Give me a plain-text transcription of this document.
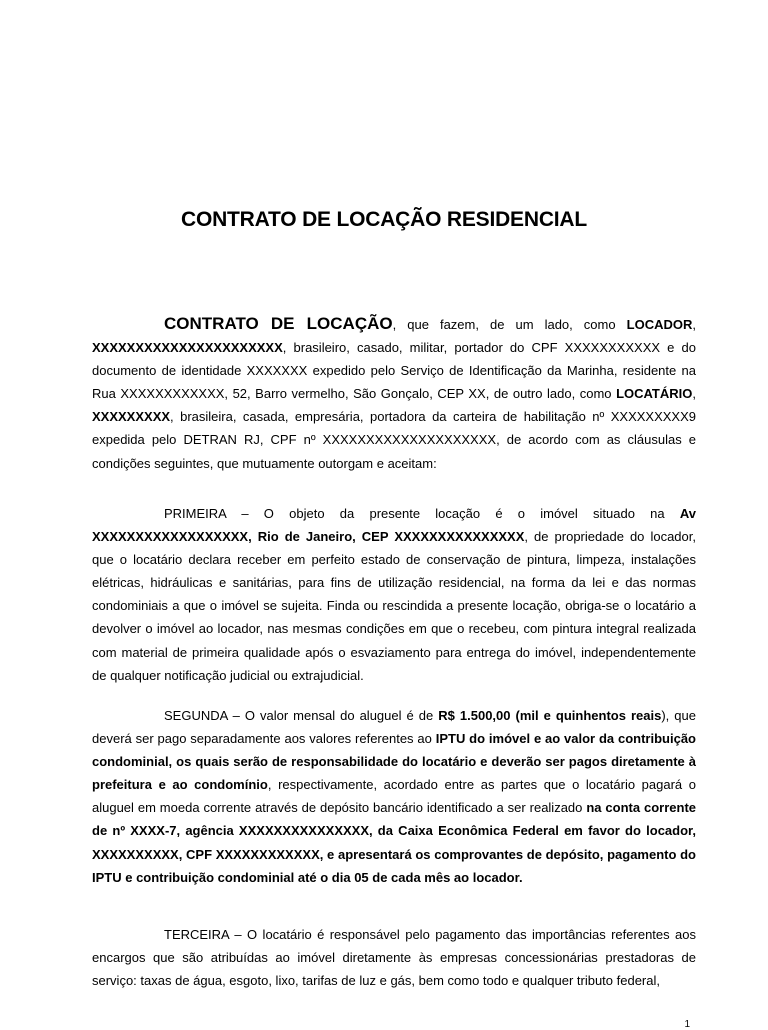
CONTRATO DE LOCAÇÃO RESIDENCIAL

CONTRATO DE LOCAÇÃO, que fazem, de um lado, como LOCADOR, XXXXXXXXXXXXXXXXXXXXXX, brasileiro, casado, militar, portador do CPF XXXXXXXXXXX e do documento de identidade XXXXXXX expedido pelo Serviço de Identificação da Marinha, residente na Rua XXXXXXXXXXXX, 52, Barro vermelho, São Gonçalo, CEP XX, de outro lado, como LOCATÁRIO, XXXXXXXXX, brasileira, casada, empresária, portadora da carteira de habilitação nº XXXXXXXXX9 expedida pelo DETRAN RJ, CPF nº XXXXXXXXXXXXXXXXXXXX, de acordo com as cláusulas e condições seguintes, que mutuamente outorgam e aceitam:

PRIMEIRA – O objeto da presente locação é o imóvel situado na Av XXXXXXXXXXXXXXXXXX, Rio de Janeiro, CEP XXXXXXXXXXXXXXX, de propriedade do locador, que o locatário declara receber em perfeito estado de conservação de pintura, limpeza, instalações elétricas, hidráulicas e sanitárias, para fins de utilização residencial, na forma da lei e das normas condominiais a que o imóvel se sujeita. Finda ou rescindida a presente locação, obriga-se o locatário a devolver o imóvel ao locador, nas mesmas condições em que o recebeu, com pintura integral realizada com material de primeira qualidade após o esvaziamento para entrega do imóvel, independentemente de qualquer notificação judicial ou extrajudicial.

SEGUNDA – O valor mensal do aluguel é de R$ 1.500,00 (mil e quinhentos reais), que deverá ser pago separadamente aos valores referentes ao IPTU do imóvel e ao valor da contribuição condominial, os quais serão de responsabilidade do locatário e deverão ser pagos diretamente à prefeitura e ao condomínio, respectivamente, acordado entre as partes que o locatário pagará o aluguel em moeda corrente através de depósito bancário identificado a ser realizado na conta corrente de nº XXXX-7, agência XXXXXXXXXXXXXXX, da Caixa Econômica Federal em favor do locador, XXXXXXXXXX, CPF XXXXXXXXXXXX, e apresentará os comprovantes de depósito, pagamento do IPTU e contribuição condominial até o dia 05 de cada mês ao locador.

TERCEIRA – O locatário é responsável pelo pagamento das importâncias referentes aos encargos que são atribuídas ao imóvel diretamente às empresas concessionárias prestadoras de serviço: taxas de água, esgoto, lixo, tarifas de luz e gás, bem como todo e qualquer tributo federal,

1
